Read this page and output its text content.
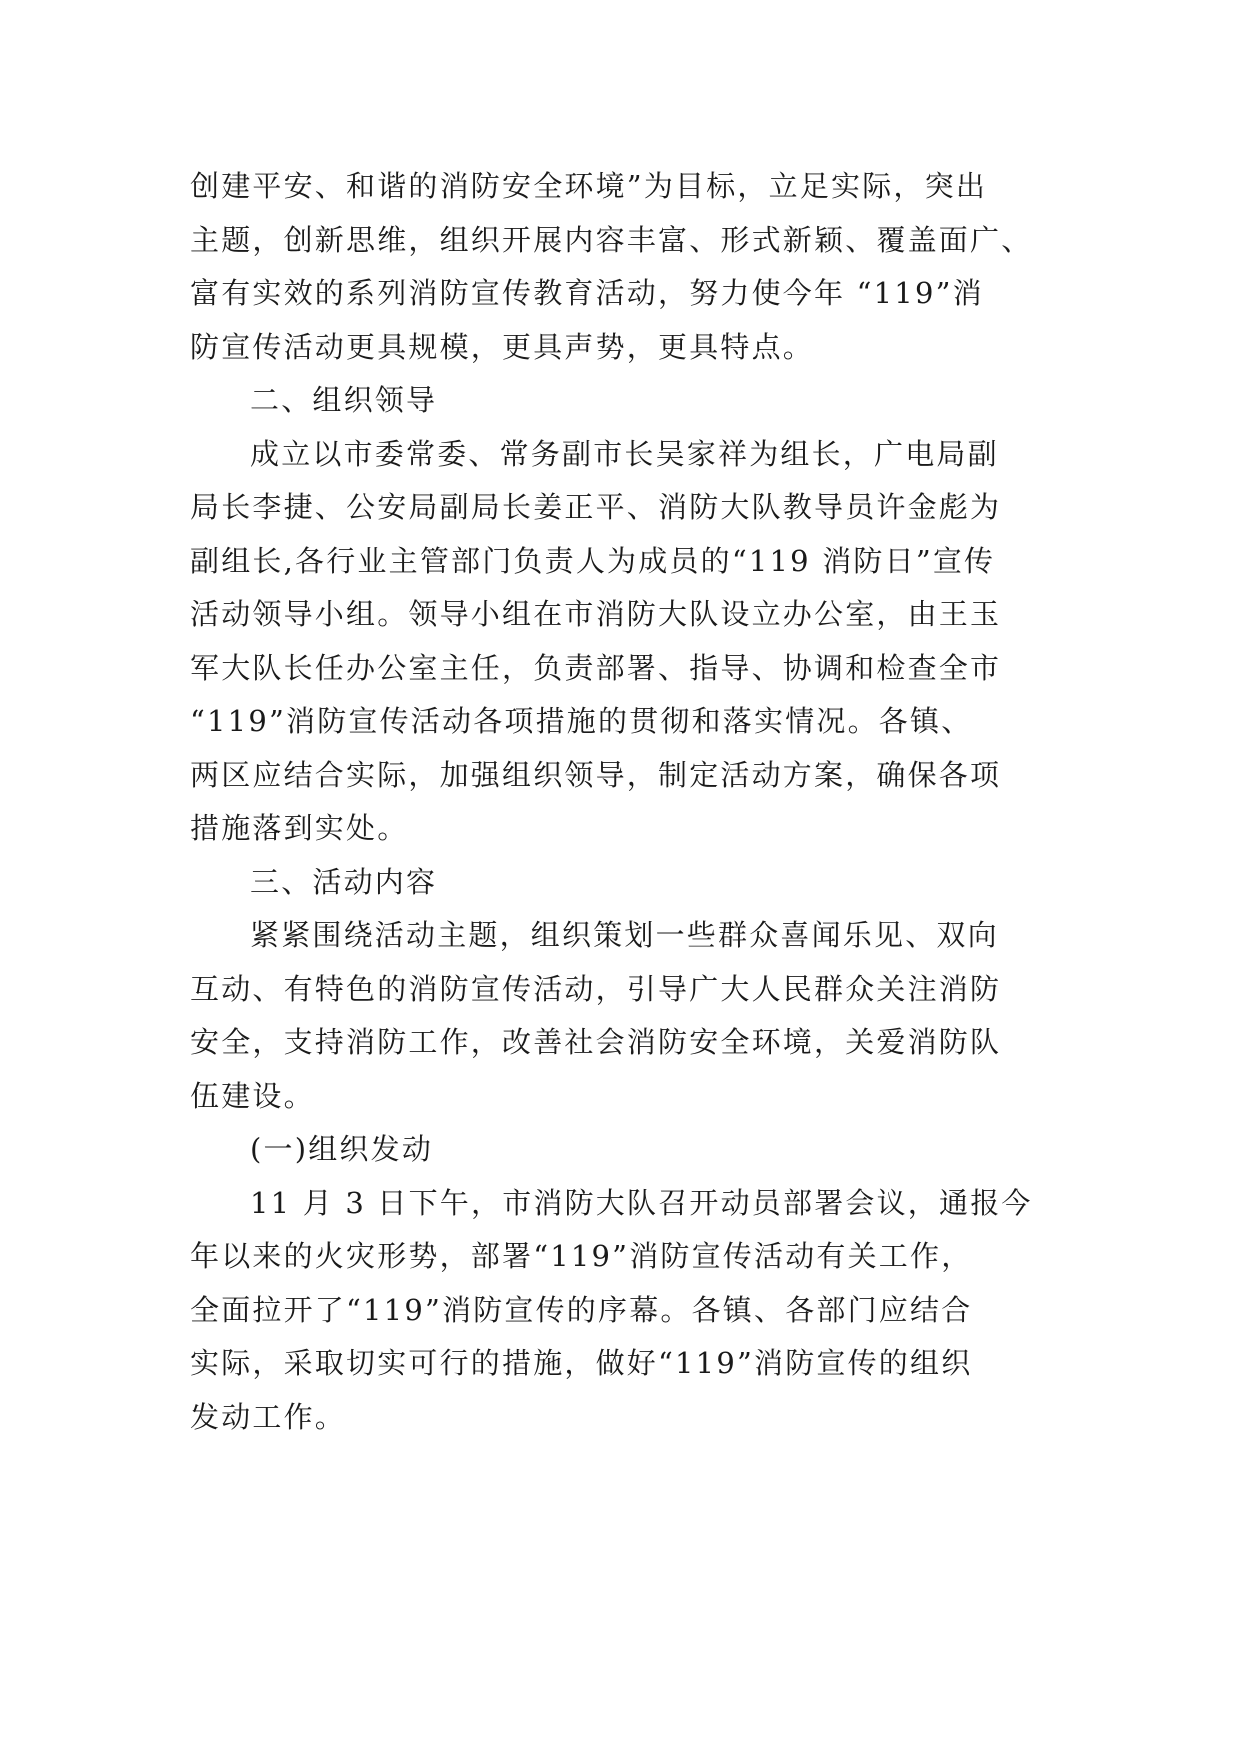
创建平安、和谐的消防安全环境”为目标，立足实际，突出
主题，创新思维，组织开展内容丰富、形式新颖、覆盖面广、
富有实效的系列消防宣传教育活动，努力使今年 “119”消
防宣传活动更具规模，更具声势，更具特点。

二、组织领导

成立以市委常委、常务副市长吴家祥为组长，广电局副
局长李捷、公安局副局长姜正平、消防大队教导员许金彪为
副组长,各行业主管部门负责人为成员的“119 消防日”宣传
活动领导小组。领导小组在市消防大队设立办公室，由王玉
军大队长任办公室主任，负责部署、指导、协调和检查全市
“119”消防宣传活动各项措施的贯彻和落实情况。各镇、
两区应结合实际，加强组织领导，制定活动方案，确保各项
措施落到实处。

三、活动内容

紧紧围绕活动主题，组织策划一些群众喜闻乐见、双向
互动、有特色的消防宣传活动，引导广大人民群众关注消防
安全，支持消防工作，改善社会消防安全环境，关爱消防队
伍建设。

(一)组织发动

11 月 3 日下午，市消防大队召开动员部署会议，通报今
年以来的火灾形势，部署“119”消防宣传活动有关工作，
全面拉开了“119”消防宣传的序幕。各镇、各部门应结合
实际，采取切实可行的措施，做好“119”消防宣传的组织
发动工作。
